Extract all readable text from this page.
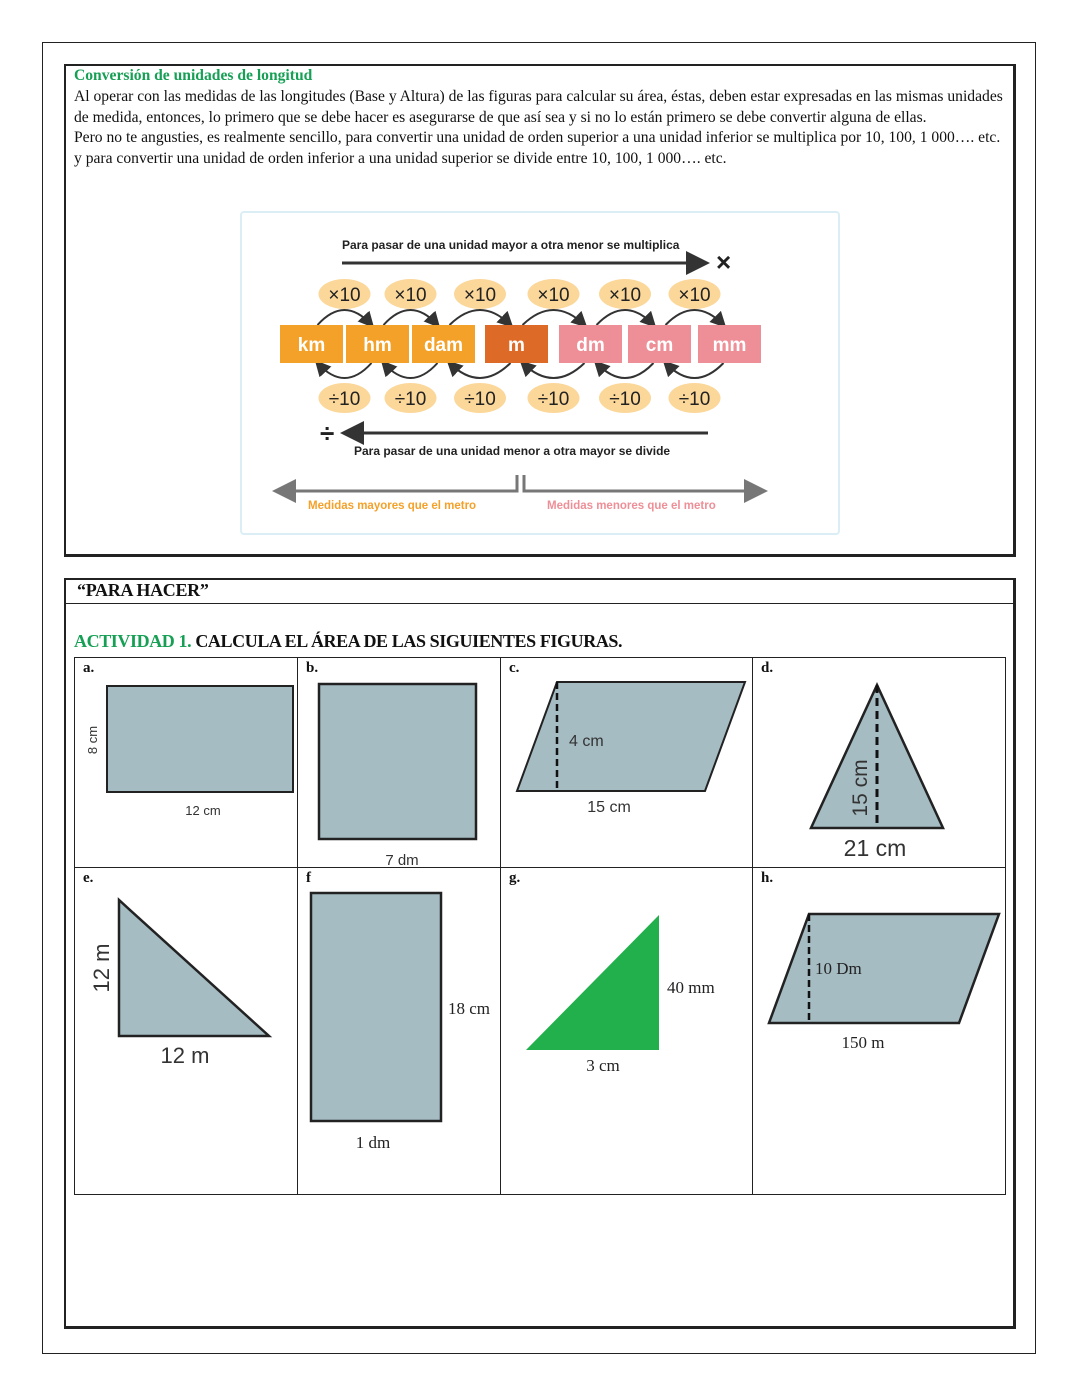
Conversión de unidades de longitud
Al operar con las medidas de las longitudes (Base y Altura) de las figuras para calcular su área, éstas, deben estar expresadas en las mismas unidades de medida, entonces, lo primero que se debe hacer es asegurarse de que así sea y si no lo están primero se debe convertir alguna de ellas.
Pero no te angusties, es realmente sencillo, para convertir una unidad de orden superior a una unidad inferior se multiplica por 10, 100, 1 000…. etc. y para convertir una unidad de orden inferior a una unidad superior se divide entre 10, 100, 1 000…. etc.
Para pasar de una unidad mayor a otra menor se multiplica
×
×10 ×10 ×10 ×10 ×10 ×10
km hm dam m	dm cm mm
÷10 ÷10 ÷10 ÷10 ÷10 ÷10
÷
Para pasar de una unidad menor a otra mayor se divide
Medidas mayores que el metro	Medidas menores que el metro
“PARA HACER”
ACTIVIDAD 1. CALCULA EL ÁREA DE LAS SIGUIENTES FIGURAS.
a.
12 cm
8 cm
b.
7 dm
c.
4 cm
15 cm
d.
15 cm
21 cm
e.
12 m
12 m
f
18 cm
1 dm
g.
40 mm
3 cm
h.
10 Dm
150 m
